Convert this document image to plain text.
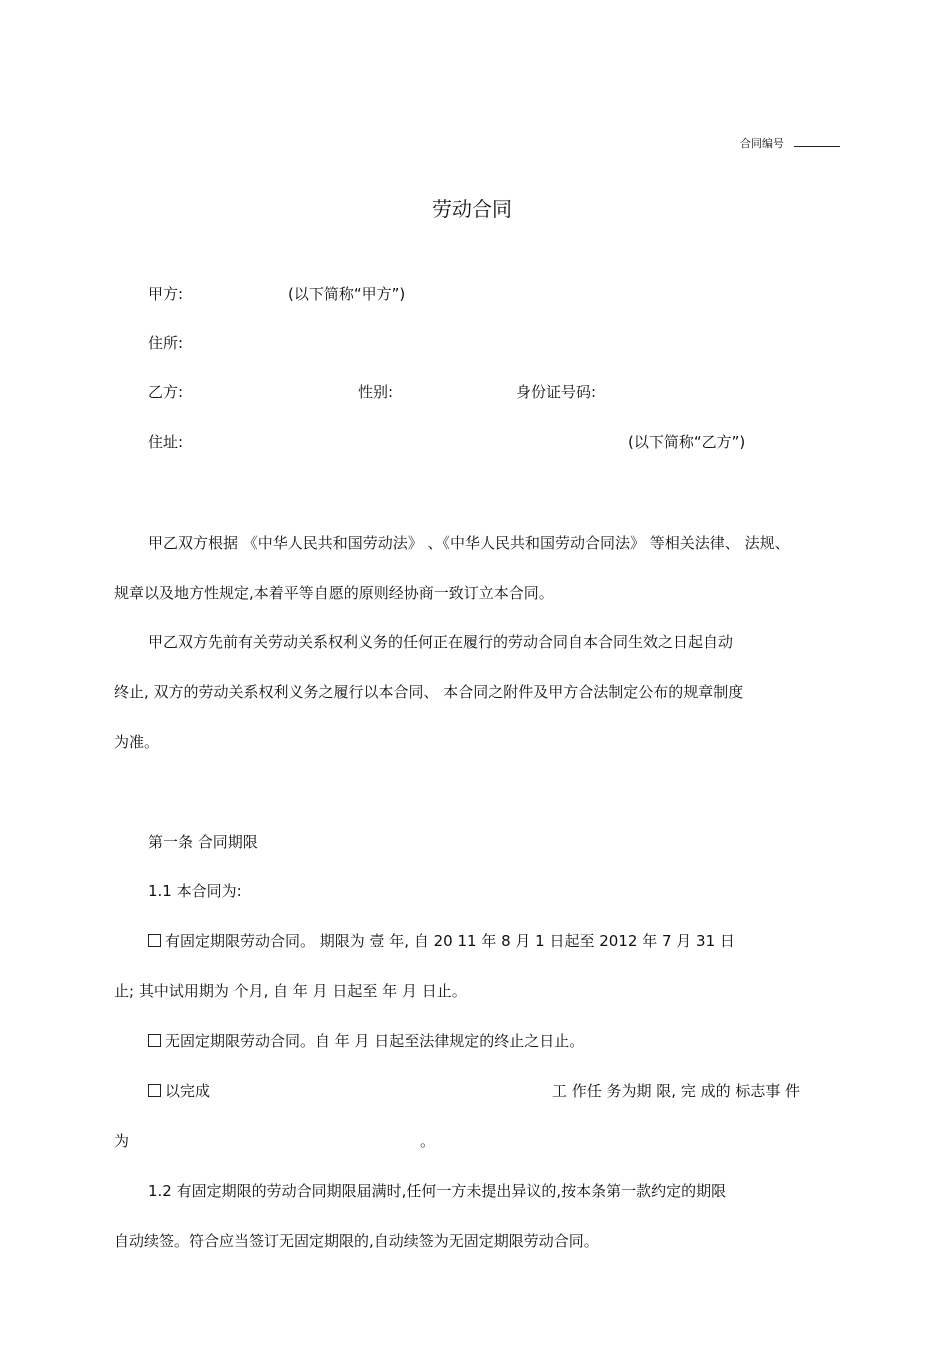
合同编号
劳动合同
甲方:	(以下简称“甲方”)
住所:
乙方:	性别:	身份证号码:
住址:	(以下简称“乙方”)
甲乙双方根据 《中华人民共和国劳动法》 、《中华人民共和国劳动合同法》 等相关法律、 法规、
规章以及地方性规定,本着平等自愿的原则经协商一致订立本合同。
甲乙双方先前有关劳动关系权利义务的任何正在履行的劳动合同自本合同生效之日起自动
终止, 双方的劳动关系权利义务之履行以本合同、 本合同之附件及甲方合法制定公布的规章制度
为准。
第一条 合同期限
1.1 本合同为:
有固定期限劳动合同。 期限为 壹 年, 自 20 11 年 8 月 1 日起至 2012 年 7 月 31 日
止; 其中试用期为 个月, 自 年 月 日起至 年 月 日止。
无固定期限劳动合同。自 年 月 日起至法律规定的终止之日止。
以完成	工 作任 务为期 限, 完 成的 标志事 件
为	。
1.2 有固定期限的劳动合同期限届满时,任何一方未提出异议的,按本条第一款约定的期限
自动续签。符合应当签订无固定期限的,自动续签为无固定期限劳动合同。
